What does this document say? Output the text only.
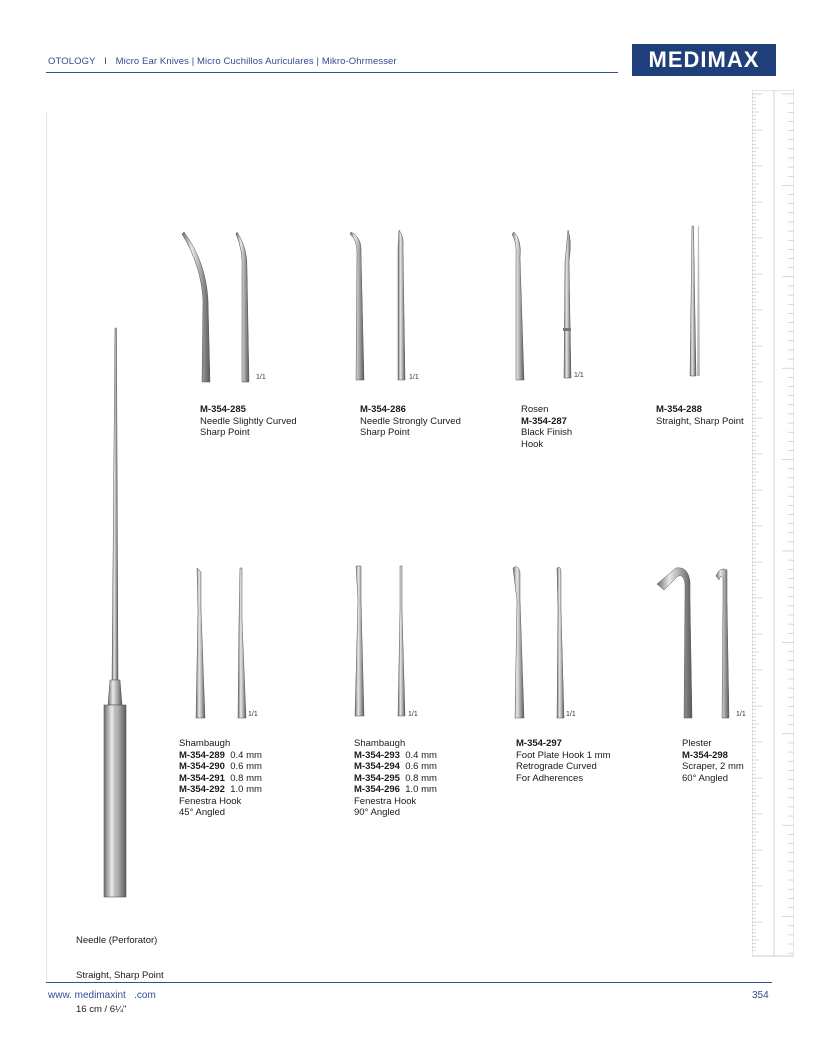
OTOLOGY I Micro Ear Knives | Micro Cuchillos Auriculares | Mikro-Ohrmesser	MEDIMAX
1/1	1/1	1/1
1/1	1/1	1/1	1/1
M-354-285
Needle Slightly Curved
Sharp Point
M-354-286
Needle Strongly Curved
Sharp Point
Rosen
M-354-287
Black Finish
Hook
M-354-288
Straight, Sharp Point
Shambaugh
M-354-289  0.4 mm
M-354-290  0.6 mm
M-354-291  0.8 mm
M-354-292  1.0 mm
Fenestra Hook
45° Angled
Shambaugh
M-354-293  0.4 mm
M-354-294  0.6 mm
M-354-295  0.8 mm
M-354-296  1.0 mm
Fenestra Hook
90° Angled
M-354-297
Foot Plate Hook 1 mm
Retrograde Curved
For Adherences
Plester
M-354-298
Scraper, 2 mm
60° Angled

Needle (Perforator)

Straight, Sharp Point

16 cm / 6¼"

www. medimaxint   .com	354
